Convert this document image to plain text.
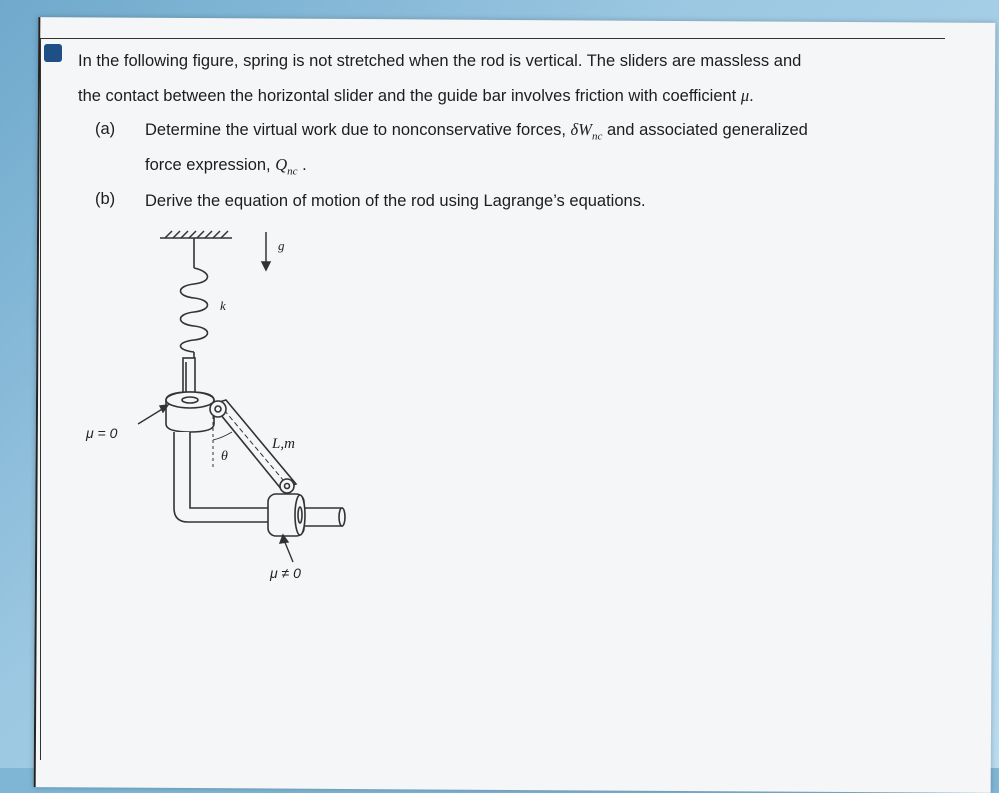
In the following figure, spring is not stretched when the rod is vertical. The sliders are massless and
the contact between the horizontal slider and the guide bar involves friction with coefficient μ.
(a) Determine the virtual work due to nonconservative forces, $\delta W_{nc}$ and associated generalized
force expression, $Q_{nc}$ .
(b) Derive the equation of motion of the rod using Lagrange’s equations.
g
k
θ
L,m
μ = 0
μ ≠ 0
